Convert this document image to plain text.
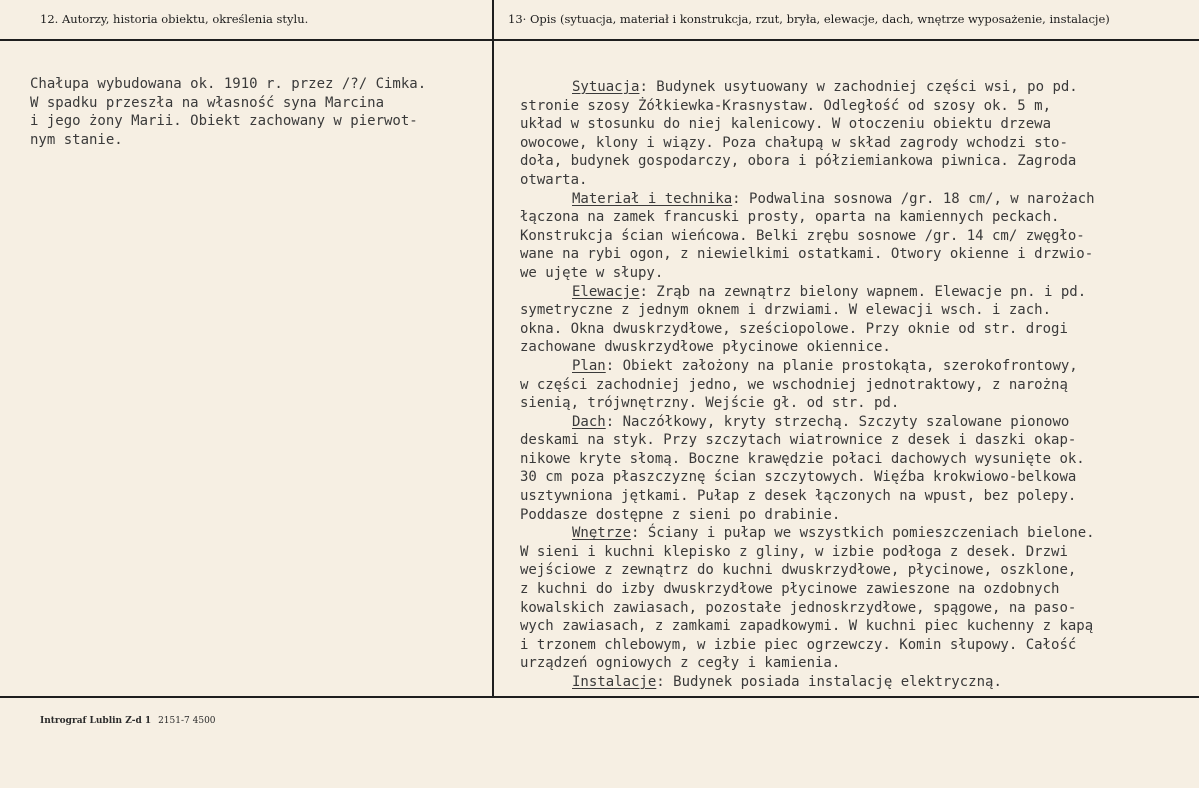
12. Autorzy, historia obiektu, określenia stylu.	13· Opis (sytuacja, materiał i konstrukcja, rzut, bryła, elewacje, dach, wnętrze wyposażenie, instalacje)
Chałupa wybudowana ok. 1910 r. przez /?/ Cimka.
W spadku przeszła na własność syna Marcina
i jego żony Marii. Obiekt zachowany w pierwot-
nym stanie.
Sytuacja: Budynek usytuowany w zachodniej części wsi, po pd.
stronie szosy Żółkiewka-Krasnystaw. Odległość od szosy ok. 5 m,
układ w stosunku do niej kalenicowy. W otoczeniu obiektu drzewa
owocowe, klony i wiązy. Poza chałupą w skład zagrody wchodzi sto-
doła, budynek gospodarczy, obora i półziemiankowa piwnica. Zagroda
otwarta.
Materiał i technika: Podwalina sosnowa /gr. 18 cm/, w narożach
łączona na zamek francuski prosty, oparta na kamiennych peckach.
Konstrukcja ścian wieńcowa. Belki zrębu sosnowe /gr. 14 cm/ zwęgło-
wane na rybi ogon, z niewielkimi ostatkami. Otwory okienne i drzwio-
we ujęte w słupy.
Elewacje: Zrąb na zewnątrz bielony wapnem. Elewacje pn. i pd.
symetryczne z jednym oknem i drzwiami. W elewacji wsch. i zach.
okna. Okna dwuskrzydłowe, sześciopolowe. Przy oknie od str. drogi
zachowane dwuskrzydłowe płycinowe okiennice.
Plan: Obiekt założony na planie prostokąta, szerokofrontowy,
w części zachodniej jedno, we wschodniej jednotraktowy, z narożną
sienią, trójwnętrzny. Wejście gł. od str. pd.
Dach: Naczółkowy, kryty strzechą. Szczyty szalowane pionowo
deskami na styk. Przy szczytach wiatrownice z desek i daszki okap-
nikowe kryte słomą. Boczne krawędzie połaci dachowych wysunięte ok.
30 cm poza płaszczyznę ścian szczytowych. Więźba krokwiowo-belkowa
usztywniona jętkami. Pułap z desek łączonych na wpust, bez polepy.
Poddasze dostępne z sieni po drabinie.
Wnętrze: Ściany i pułap we wszystkich pomieszczeniach bielone.
W sieni i kuchni klepisko z gliny, w izbie podłoga z desek. Drzwi
wejściowe z zewnątrz do kuchni dwuskrzydłowe, płycinowe, oszklone,
z kuchni do izby dwuskrzydłowe płycinowe zawieszone na ozdobnych
kowalskich zawiasach, pozostałe jednoskrzydłowe, spągowe, na paso-
wych zawiasach, z zamkami zapadkowymi. W kuchni piec kuchenny z kapą
i trzonem chlebowym, w izbie piec ogrzewczy. Komin słupowy. Całość
urządzeń ogniowych z cegły i kamienia.
Instalacje: Budynek posiada instalację elektryczną.
Intrograf Lublin Z-d 1 2151-7 4500
